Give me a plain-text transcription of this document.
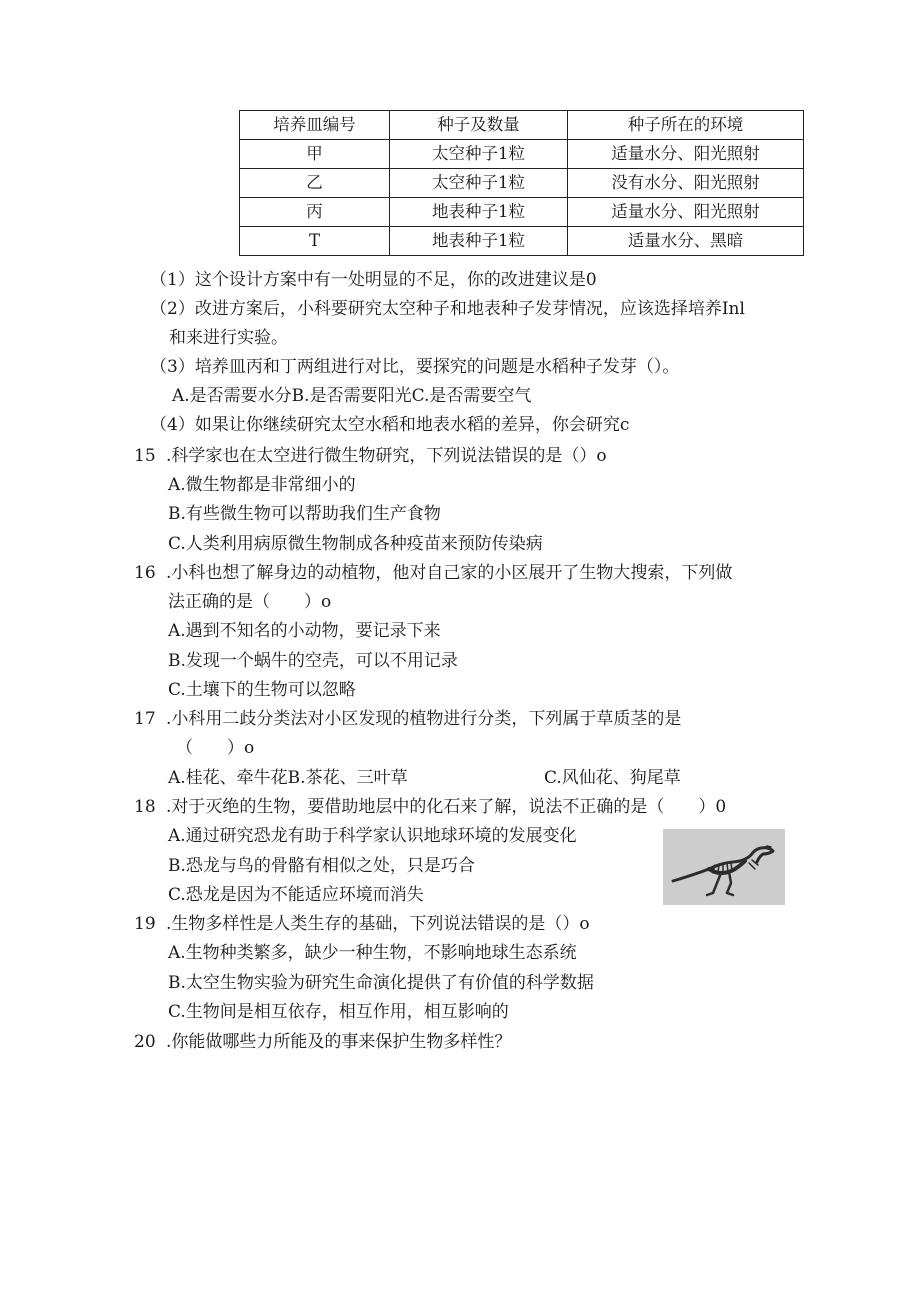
培养皿编号	种子及数量	种子所在的环境
甲	太空种子1粒	适量水分、阳光照射
乙	太空种子1粒	没有水分、阳光照射
丙	地表种子1粒	适量水分、阳光照射
T	地表种子1粒	适量水分、黑暗
（1）这个设计方案中有一处明显的不足，你的改进建议是0
（2）改进方案后，小科要研究太空种子和地表种子发芽情况，应该选择培养Inl
和来进行实验。
（3）培养皿丙和丁两组进行对比，要探究的问题是水稻种子发芽（）。
A.是否需要水分B.是否需要阳光C.是否需要空气
（4）如果让你继续研究太空水稻和地表水稻的差异，你会研究c
15 .科学家也在太空进行微生物研究，下列说法错误的是（）o
A.微生物都是非常细小的
B.有些微生物可以帮助我们生产食物
C.人类利用病原微生物制成各种疫苗来预防传染病
16 .小科也想了解身边的动植物，他对自己家的小区展开了生物大搜索，下列做
法正确的是（　　）o
A.遇到不知名的小动物，要记录下来
B.发现一个蜗牛的空壳，可以不用记录
C.土壤下的生物可以忽略
17 .小科用二歧分类法对小区发现的植物进行分类，下列属于草质茎的是
（　　）o
A.桂花、牵牛花B.茶花、三叶草	C.风仙花、狗尾草
18 .对于灭绝的生物，要借助地层中的化石来了解，说法不正确的是（　　）0
A.通过研究恐龙有助于科学家认识地球环境的发展变化
B.恐龙与鸟的骨骼有相似之处，只是巧合
C.恐龙是因为不能适应环境而消失
19 .生物多样性是人类生存的基础，下列说法错误的是（）o
A.生物种类繁多，缺少一种生物，不影响地球生态系统
B.太空生物实验为研究生命演化提供了有价值的科学数据
C.生物间是相互依存，相互作用，相互影响的
20 .你能做哪些力所能及的事来保护生物多样性？
